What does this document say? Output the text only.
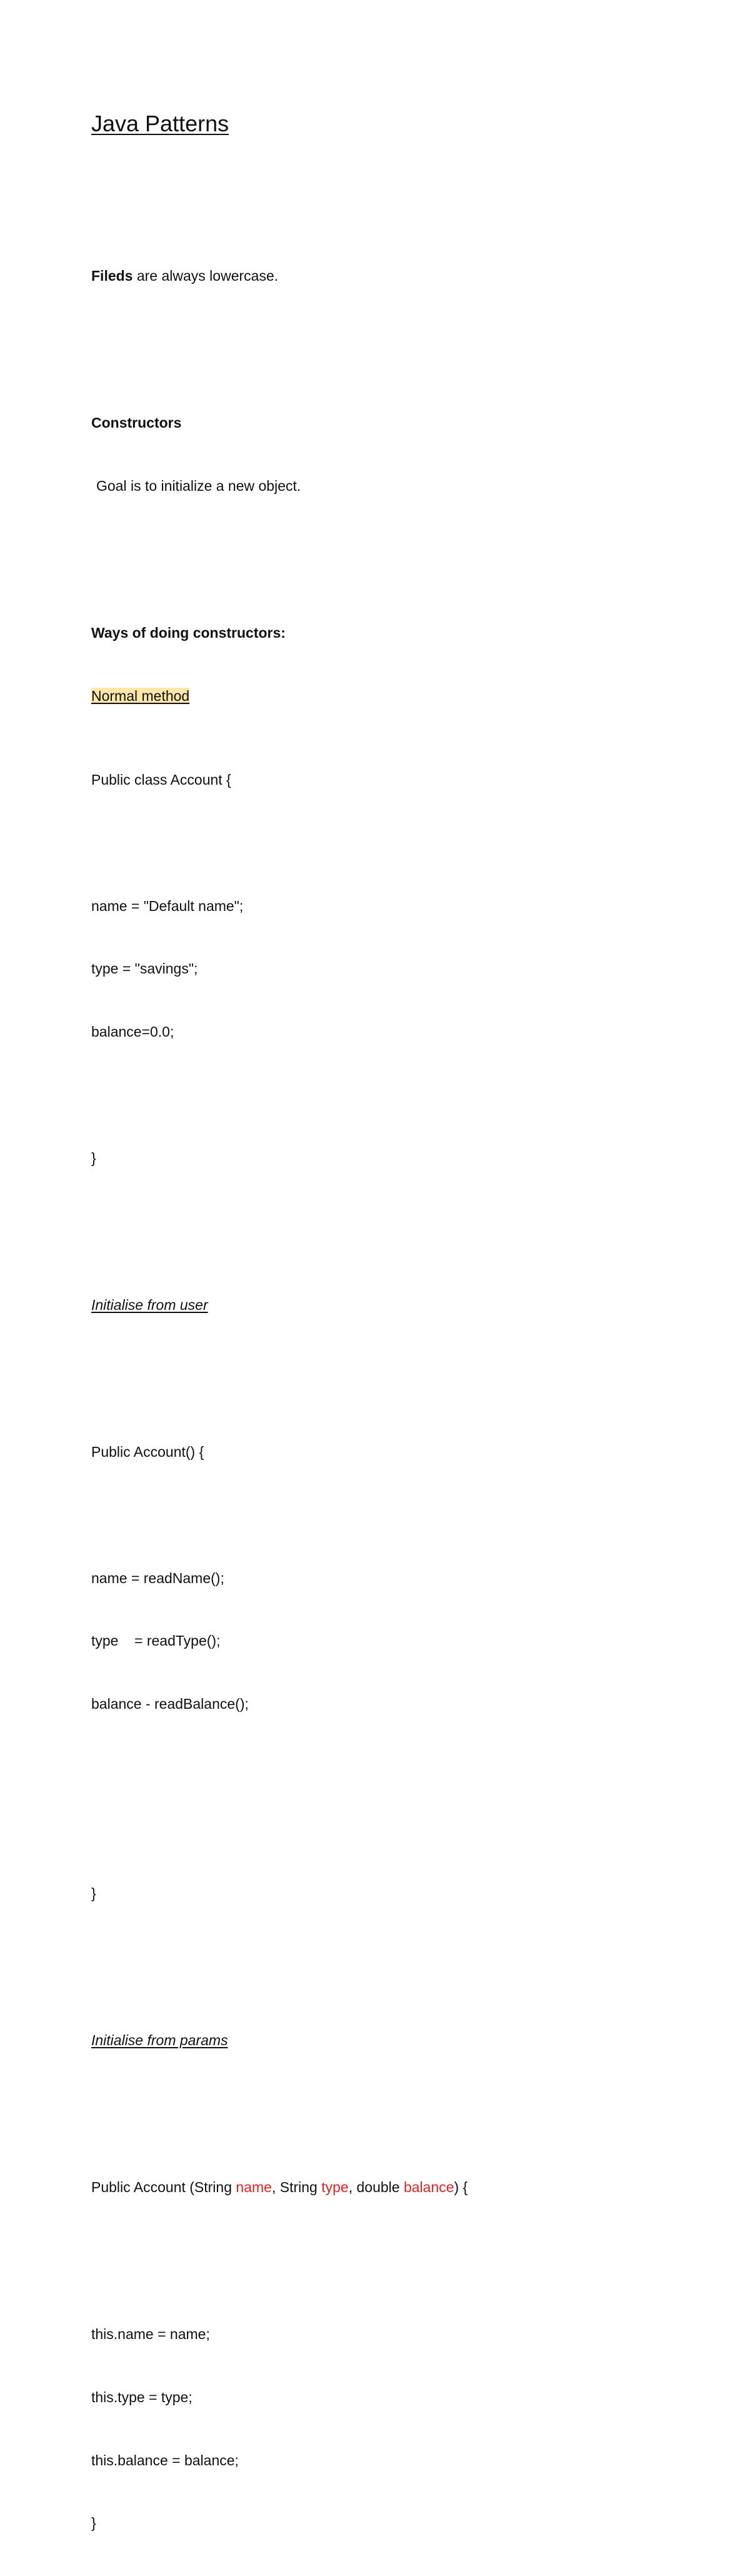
Java Patterns

Fileds are always lowercase.

Constructors

Goal is to initialize a new object.

Ways of doing constructors:

Normal method

Public class Account {

name = "Default name";

type = "savings";

balance=0.0;

}

Initialise from user

Public Account() {

name = readName();

type    = readType();

balance - readBalance();

}

Initialise from params

Public Account (String name, String type, double balance) {

this.name = name;

this.type = type;

this.balance = balance;

}
